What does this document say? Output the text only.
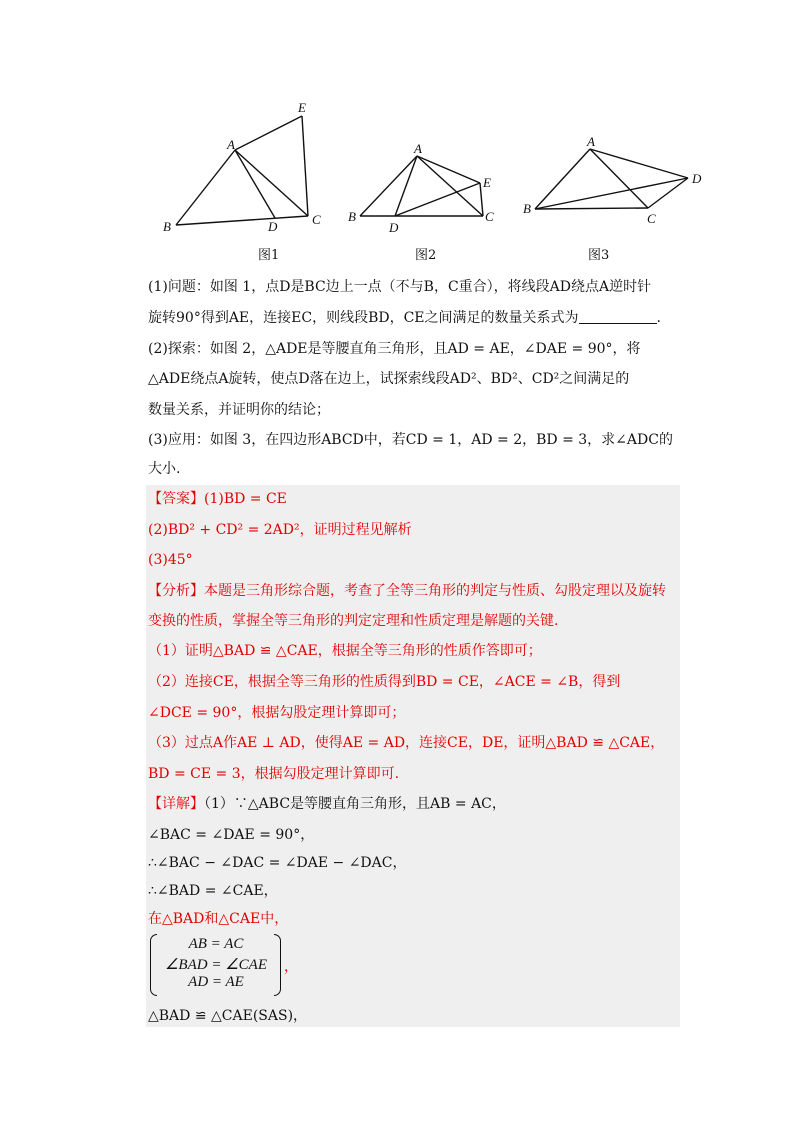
A
B	C
D
E
图1
A
B	C
D
E
图2
A
B
C
D
图3
(1)问题：如图 1，点D是BC边上一点（不与B，C重合），将线段AD绕点A逆时针
旋转90°得到AE，连接EC，则线段BD，CE之间满足的数量关系式为	.
(2)探索：如图 2，△ADE是等腰直角三角形，且AD = AE，∠DAE = 90°，将
△ADE绕点A旋转，使点D落在边上，试探索线段AD²、BD²、CD²之间满足的
数量关系，并证明你的结论；
(3)应用：如图 3，在四边形ABCD中，若CD = 1，AD = 2，BD = 3，求∠ADC的
大小.
【答案】(1)BD = CE
(2)BD² + CD² = 2AD²，证明过程见解析
(3)45°
【分析】本题是三角形综合题，考查了全等三角形的判定与性质、勾股定理以及旋转
变换的性质，掌握全等三角形的判定定理和性质定理是解题的关键.
（1）证明△BAD ≌ △CAE，根据全等三角形的性质作答即可；
（2）连接CE，根据全等三角形的性质得到BD = CE，∠ACE = ∠B，得到
∠DCE = 90°，根据勾股定理计算即可；
（3）过点A作AE ⊥ AD，使得AE = AD，连接CE，DE，证明△BAD ≌ △CAE，
BD = CE = 3，根据勾股定理计算即可.
【详解】（1）∵△ABC是等腰直角三角形，且AB = AC，
∠BAC = ∠DAE = 90°，
∴∠BAC − ∠DAC = ∠DAE − ∠DAC，
∴∠BAD = ∠CAE，
在△BAD和△CAE中，
AB = AC
∠BAD = ∠CAE
AD = AE
，
△BAD ≌ △CAE(SAS)，
